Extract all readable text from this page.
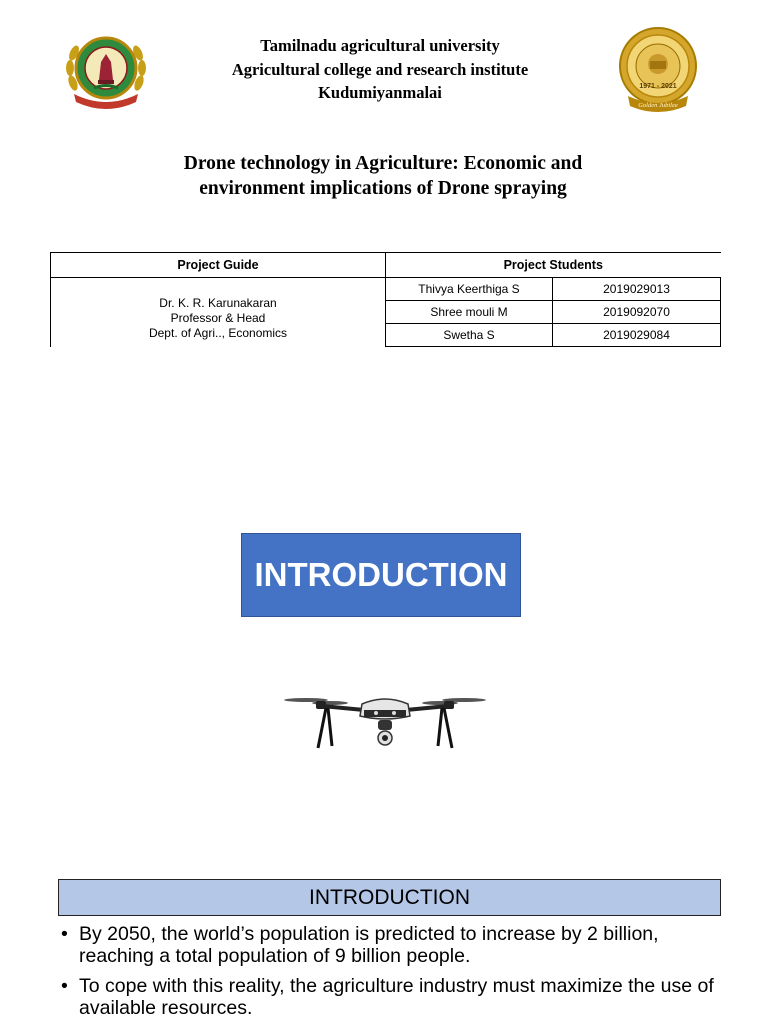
1971 - 2021
Golden Jubilee
Tamilnadu agricultural university
Agricultural college and research institute
Kudumiyanmalai
Drone technology in Agriculture: Economic and
environment implications of Drone spraying
Project Guide	Project Students	

Dr. K. R. Karunakaran
Professor & Head
Dept. of Agri.., Economics	Thivya Keerthiga S	2019029013
	Shree mouli M	2019092070
	Swetha S	2019029084
INTRODUCTION
INTRODUCTION
• By 2050, the world’s population is predicted to increase by 2 billion, reaching a total population of 9 billion people.
• To cope with this reality, the agriculture industry must maximize the use of available resources.
